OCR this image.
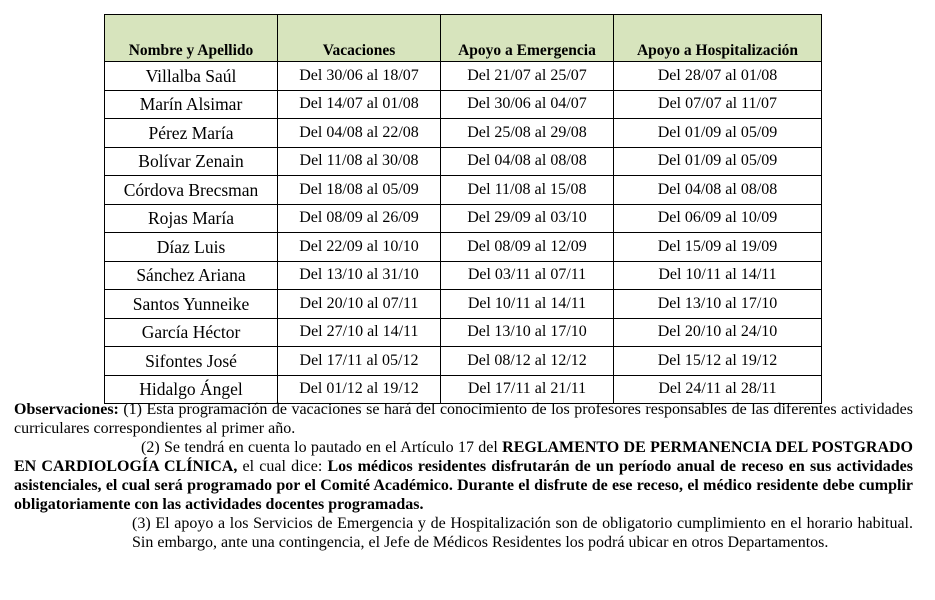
Nombre y Apellido	Vacaciones	Apoyo a Emergencia	Apoyo a Hospitalización
Villalba Saúl	Del 30/06 al 18/07	Del 21/07 al 25/07	Del 28/07 al 01/08
Marín Alsimar	Del 14/07 al 01/08	Del 30/06 al 04/07	Del 07/07 al 11/07
Pérez María	Del 04/08 al 22/08	Del 25/08 al 29/08	Del 01/09 al 05/09
Bolívar Zenain	Del 11/08 al 30/08	Del 04/08 al 08/08	Del 01/09 al 05/09
Córdova Brecsman	Del 18/08 al 05/09	Del 11/08 al 15/08	Del 04/08 al 08/08
Rojas María	Del 08/09 al 26/09	Del 29/09 al 03/10	Del 06/09 al 10/09
Díaz Luis	Del 22/09 al 10/10	Del 08/09 al 12/09	Del 15/09 al 19/09
Sánchez Ariana	Del 13/10 al 31/10	Del 03/11 al 07/11	Del 10/11 al 14/11
Santos Yunneike	Del 20/10 al 07/11	Del 10/11 al 14/11	Del 13/10 al 17/10
García Héctor	Del 27/10 al 14/11	Del 13/10 al 17/10	Del 20/10 al 24/10
Sifontes José	Del 17/11 al 05/12	Del 08/12 al 12/12	Del 15/12 al 19/12
Hidalgo Ángel	Del 01/12 al 19/12	Del 17/11 al 21/11	Del 24/11 al 28/11

Observaciones: (1) Esta programación de vacaciones se hará del conocimiento de los profesores responsables de las diferentes actividades curriculares correspondientes al primer año.

(2) Se tendrá en cuenta lo pautado en el Artículo 17 del REGLAMENTO DE PERMANENCIA DEL POSTGRADO EN CARDIOLOGÍA CLÍNICA, el cual dice: Los médicos residentes disfrutarán de un período anual de receso en sus actividades asistenciales, el cual será programado por el Comité Académico. Durante el disfrute de ese receso, el médico residente debe cumplir obligatoriamente con las actividades docentes programadas.

(3) El apoyo a los Servicios de Emergencia y de Hospitalización son de obligatorio cumplimiento en el horario habitual. Sin embargo, ante una contingencia, el Jefe de Médicos Residentes los podrá ubicar en otros Departamentos.
